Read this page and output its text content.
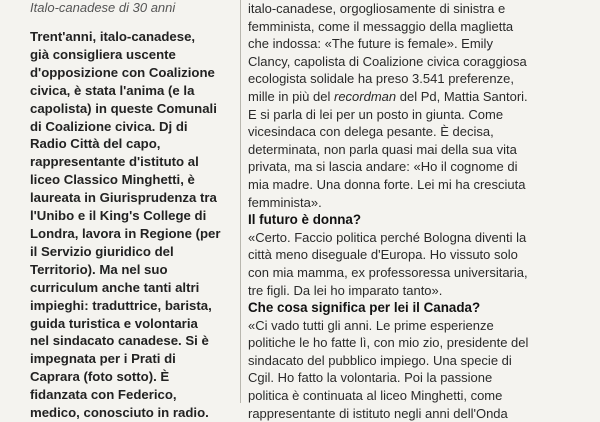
Italo-canadese di 30 anni
Trent'anni, italo-canadese,
già consigliera uscente
d'opposizione con Coalizione
civica, è stata l'anima (e la
capolista) in queste Comunali
di Coalizione civica. Dj di
Radio Città del capo,
rappresentante d'istituto al
liceo Classico Minghetti, è
laureata in Giurisprudenza tra
l'Unibo e il King's College di
Londra, lavora in Regione (per
il Servizio giuridico del
Territorio). Ma nel suo
curriculum anche tanti altri
impieghi: traduttrice, barista,
guida turistica e volontaria
nel sindacato canadese. Si è
impegnata per i Prati di
Caprara (foto sotto). È
fidanzata con Federico,
medico, conosciuto in radio.
italo-canadese, orgogliosamente di sinistra e
femminista, come il messaggio della maglietta
che indossa: «The future is female». Emily
Clancy, capolista di Coalizione civica coraggiosa
ecologista solidale ha preso 3.541 preferenze,
mille in più del recordman del Pd, Mattia Santori.
E si parla di lei per un posto in giunta. Come
vicesindaca con delega pesante. È decisa,
determinata, non parla quasi mai della sua vita
privata, ma si lascia andare: «Ho il cognome di
mia madre. Una donna forte. Lei mi ha cresciuta
femminista».
Il futuro è donna?
«Certo. Faccio politica perché Bologna diventi la
città meno diseguale d'Europa. Ho vissuto solo
con mia mamma, ex professoressa universitaria,
tre figli. Da lei ho imparato tanto».
Che cosa significa per lei il Canada?
«Ci vado tutti gli anni. Le prime esperienze
politiche le ho fatte lì, con mio zio, presidente del
sindacato del pubblico impiego. Una specie di
Cgil. Ho fatto la volontaria. Poi la passione
politica è continuata al liceo Minghetti, come
rappresentante di istituto negli anni dell'Onda
